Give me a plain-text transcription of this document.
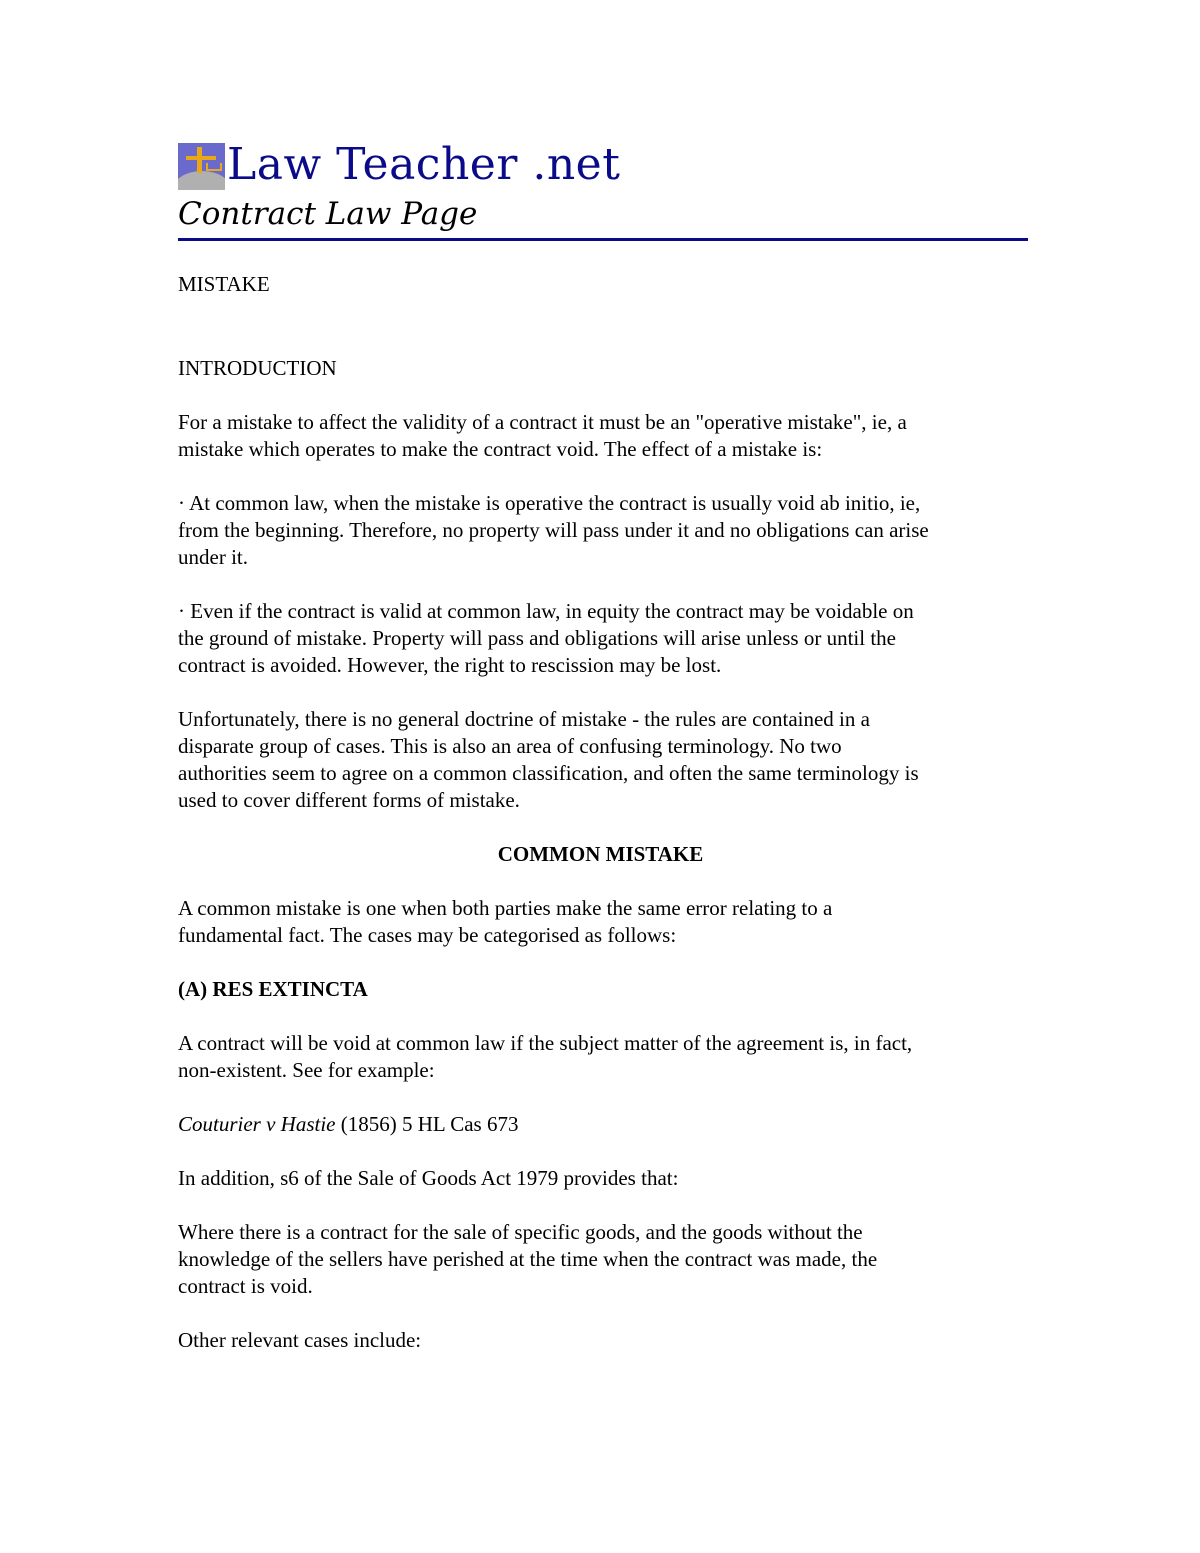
Law Teacher .net
Contract Law Page
MISTAKE
INTRODUCTION
For a mistake to affect the validity of a contract it must be an "operative mistake", ie, a
mistake which operates to make the contract void. The effect of a mistake is:
· At common law, when the mistake is operative the contract is usually void ab initio, ie,
from the beginning. Therefore, no property will pass under it and no obligations can arise
under it.
· Even if the contract is valid at common law, in equity the contract may be voidable on
the ground of mistake. Property will pass and obligations will arise unless or until the
contract is avoided. However, the right to rescission may be lost.
Unfortunately, there is no general doctrine of mistake - the rules are contained in a
disparate group of cases. This is also an area of confusing terminology. No two
authorities seem to agree on a common classification, and often the same terminology is
used to cover different forms of mistake.
COMMON MISTAKE
A common mistake is one when both parties make the same error relating to a
fundamental fact. The cases may be categorised as follows:
(A) RES EXTINCTA
A contract will be void at common law if the subject matter of the agreement is, in fact,
non-existent. See for example:
Couturier v Hastie (1856) 5 HL Cas 673
In addition, s6 of the Sale of Goods Act 1979 provides that:
Where there is a contract for the sale of specific goods, and the goods without the
knowledge of the sellers have perished at the time when the contract was made, the
contract is void.
Other relevant cases include:
